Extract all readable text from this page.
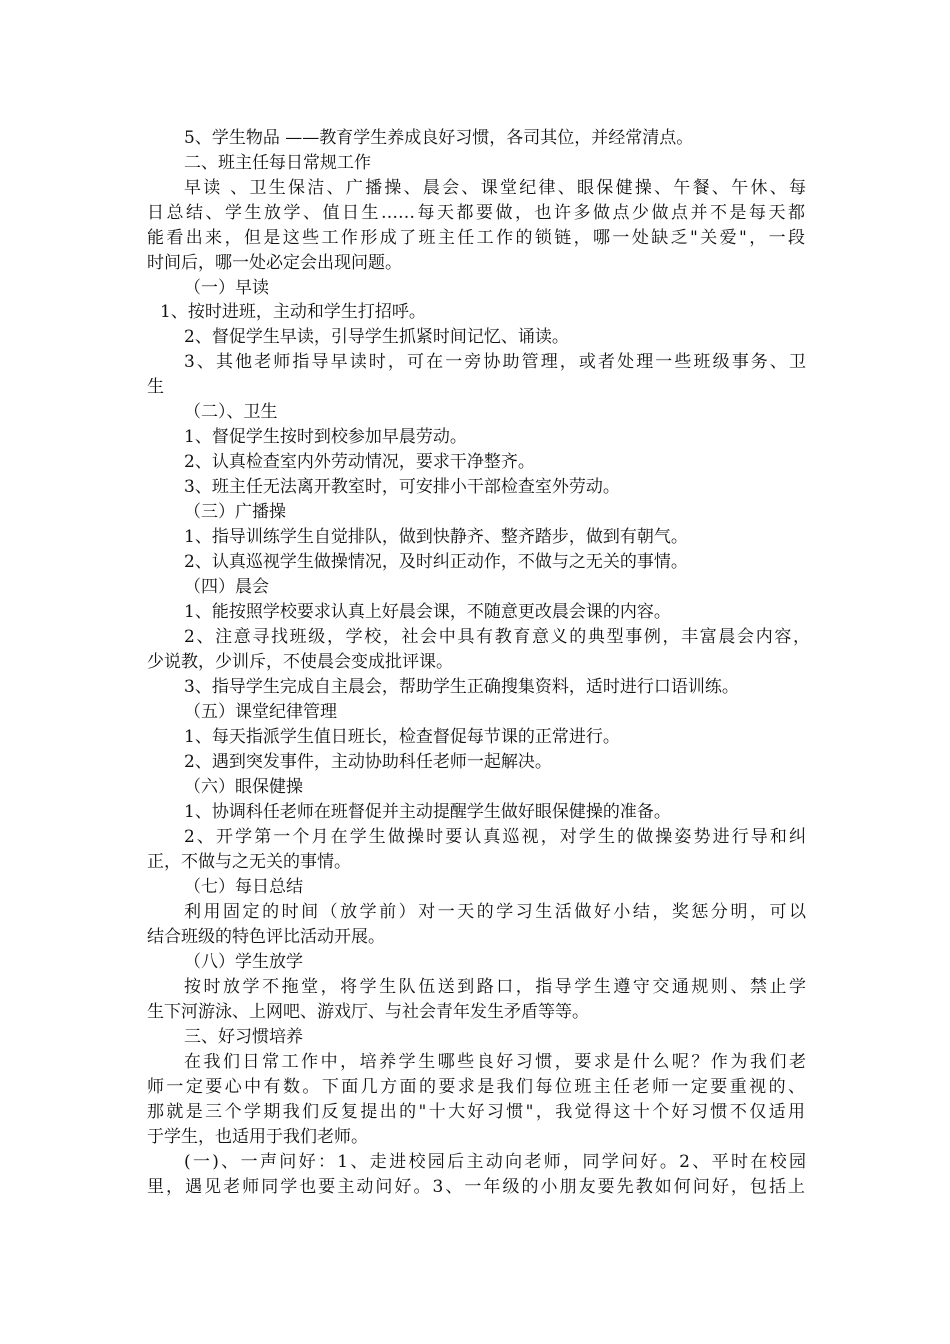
5、学生物品 ——教育学生养成良好习惯，各司其位，并经常清点。
二、班主任每日常规工作
早读 、卫生保洁、广播操、晨会、课堂纪律、眼保健操、午餐、午休、每
日总结、学生放学、值日生……每天都要做，也许多做点少做点并不是每天都
能看出来，但是这些工作形成了班主任工作的锁链，哪一处缺乏"关爱"，一段
时间后，哪一处必定会出现问题。
（一）早读
1、按时进班，主动和学生打招呼。
2、督促学生早读，引导学生抓紧时间记忆、诵读。
3、其他老师指导早读时，可在一旁协助管理，或者处理一些班级事务、卫
生
（二）、卫生
1、督促学生按时到校参加早晨劳动。
2、认真检查室内外劳动情况，要求干净整齐。
3、班主任无法离开教室时，可安排小干部检查室外劳动。
（三）广播操
1、指导训练学生自觉排队，做到快静齐、整齐踏步，做到有朝气。
2、认真巡视学生做操情况，及时纠正动作，不做与之无关的事情。
（四）晨会
1、能按照学校要求认真上好晨会课，不随意更改晨会课的内容。
2、注意寻找班级，学校，社会中具有教育意义的典型事例，丰富晨会内容，
少说教，少训斥，不使晨会变成批评课。
3、指导学生完成自主晨会，帮助学生正确搜集资料，适时进行口语训练。
（五）课堂纪律管理
1、每天指派学生值日班长，检查督促每节课的正常进行。
2、遇到突发事件，主动协助科任老师一起解决。
（六）眼保健操
1、协调科任老师在班督促并主动提醒学生做好眼保健操的准备。
2、开学第一个月在学生做操时要认真巡视，对学生的做操姿势进行导和纠
正，不做与之无关的事情。
（七）每日总结
利用固定的时间（放学前）对一天的学习生活做好小结，奖惩分明，可以
结合班级的特色评比活动开展。
（八）学生放学
按时放学不拖堂，将学生队伍送到路口，指导学生遵守交通规则、禁止学
生下河游泳、上网吧、游戏厅、与社会青年发生矛盾等等。
三、好习惯培养
在我们日常工作中，培养学生哪些良好习惯，要求是什么呢？作为我们老
师一定要心中有数。下面几方面的要求是我们每位班主任老师一定要重视的、
那就是三个学期我们反复提出的"十大好习惯"，我觉得这十个好习惯不仅适用
于学生，也适用于我们老师。
(一)、一声问好：1、走进校园后主动向老师，同学问好。2、平时在校园
里，遇见老师同学也要主动问好。3、一年级的小朋友要先教如何问好，包括上
